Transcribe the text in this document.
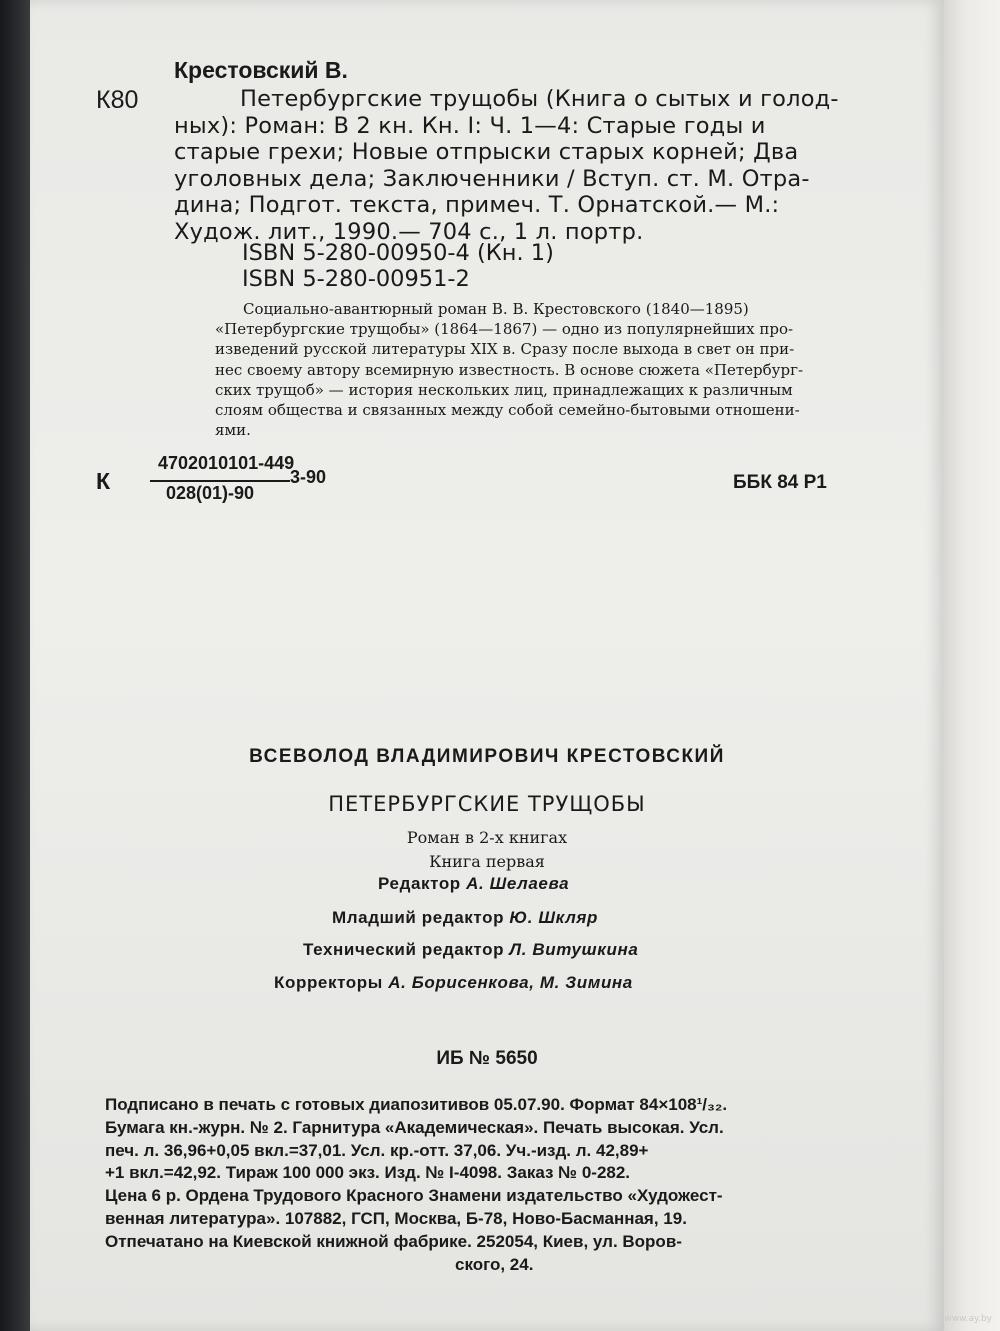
Крестовский В.
К80	Петербургские трущобы (Книга о сытых и голод-
ных): Роман: В 2 кн. Кн. I: Ч. 1—4: Старые годы и
старые грехи; Новые отпрыски старых корней; Два
уголовных дела; Заключенники / Вступ. ст. М. Отра-
дина; Подгот. текста, примеч. Т. Орнатской.— М.:
Худож. лит., 1990.— 704 с., 1 л. портр.
ISBN 5-280-00950-4 (Кн. 1)
ISBN 5-280-00951-2
Социально-авантюрный роман В. В. Крестовского (1840—1895)
«Петербургские трущобы» (1864—1867) — одно из популярнейших про-
изведений русской литературы XIX в. Сразу после выхода в свет он при-
нес своему автору всемирную известность. В основе сюжета «Петербург-
ских трущоб» — история нескольких лиц, принадлежащих к различным
слоям общества и связанных между собой семейно-бытовыми отношени-
ями.
К
4702010101-449
028(01)-90
3-90	ББК 84 Р1
ВСЕВОЛОД ВЛАДИМИРОВИЧ КРЕСТОВСКИЙ
ПЕТЕРБУРГСКИЕ ТРУЩОБЫ
Роман в 2-х книгах
Книга первая
Редактор А. Шелаева
Младший редактор Ю. Шкляр
Технический редактор Л. Витушкина
Корректоры А. Борисенкова, М. Зимина
ИБ № 5650
Подписано в печать с готовых диапозитивов 05.07.90. Формат 84×108¹/₃₂.
Бумага кн.-журн. № 2. Гарнитура «Академическая». Печать высокая. Усл.
печ. л. 36,96+0,05 вкл.=37,01. Усл. кр.-отт. 37,06. Уч.-изд. л. 42,89+
+1 вкл.=42,92. Тираж 100 000 экз. Изд. № I-4098. Заказ № 0-282.
Цена 6 р. Ордена Трудового Красного Знамени издательство «Художест-
венная литература». 107882, ГСП, Москва, Б-78, Ново-Басманная, 19.
Отпечатано на Киевской книжной фабрике. 252054, Киев, ул. Воров-
ского, 24.
www.ay.by
